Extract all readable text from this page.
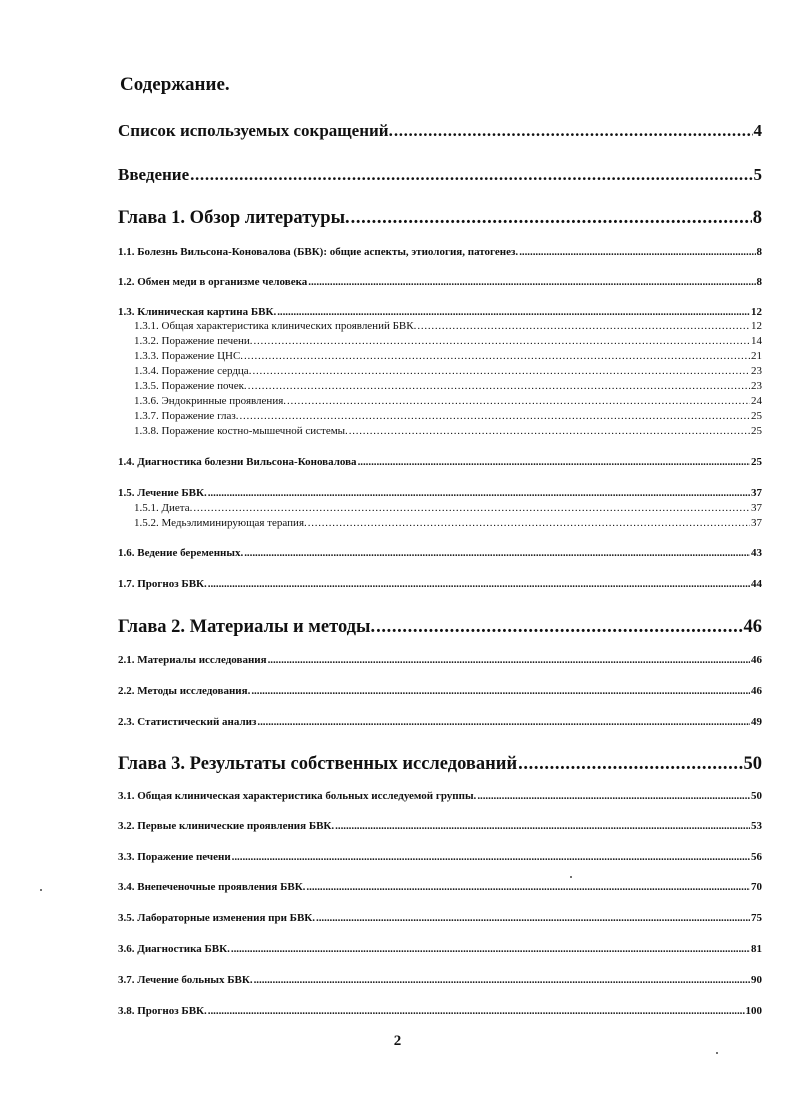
Содержание.
Список используемых сокращений. . . .	4
Введение . . .	5
Глава 1. Обзор литературы. . . .	8
1.1. Болезнь Вильсона-Коновалова (БВК): общие аспекты, этиология, патогенез. . . .	8
1.2. Обмен меди в организме человека . . .	8
1.3. Клиническая картина БВК. . . .	12
1.3.1. Общая характеристика клинических проявлений БВК. . . .	12
1.3.2. Поражение печени. . . .	14
1.3.3. Поражение ЦНС. . . .	21
1.3.4. Поражение сердца. . . .	23
1.3.5. Поражение почек. . . .	23
1.3.6. Эндокринные проявления. . . .	24
1.3.7. Поражение глаз. . . .	25
1.3.8. Поражение костно-мышечной системы. . . .	25
1.4. Диагностика болезни Вильсона-Коновалова . . .	25
1.5. Лечение БВК. . . .	37
1.5.1. Диета. . . .	37
1.5.2. Медьэлиминирующая терапия. . . .	37
1.6. Ведение беременных. . . .	43
1.7. Прогноз БВК. . . .	44
Глава 2. Материалы и методы. . . .	46
2.1. Материалы исследования . . .	46
2.2. Методы исследования. . . .	46
2.3. Статистический анализ . . .	49
Глава 3. Результаты собственных исследований . . .	50
3.1. Общая клиническая характеристика больных исследуемой группы. . . .	50
3.2. Первые клинические проявления БВК. . . .	53
3.3. Поражение печени . . .	56
3.4. Внепеченочные проявления БВК. . . .	70
3.5. Лабораторные изменения при БВК. . . .	75
3.6. Диагностика БВК. . . .	81
3.7. Лечение больных БВК. . . .	90
3.8. Прогноз БВК. . . .	100
2
